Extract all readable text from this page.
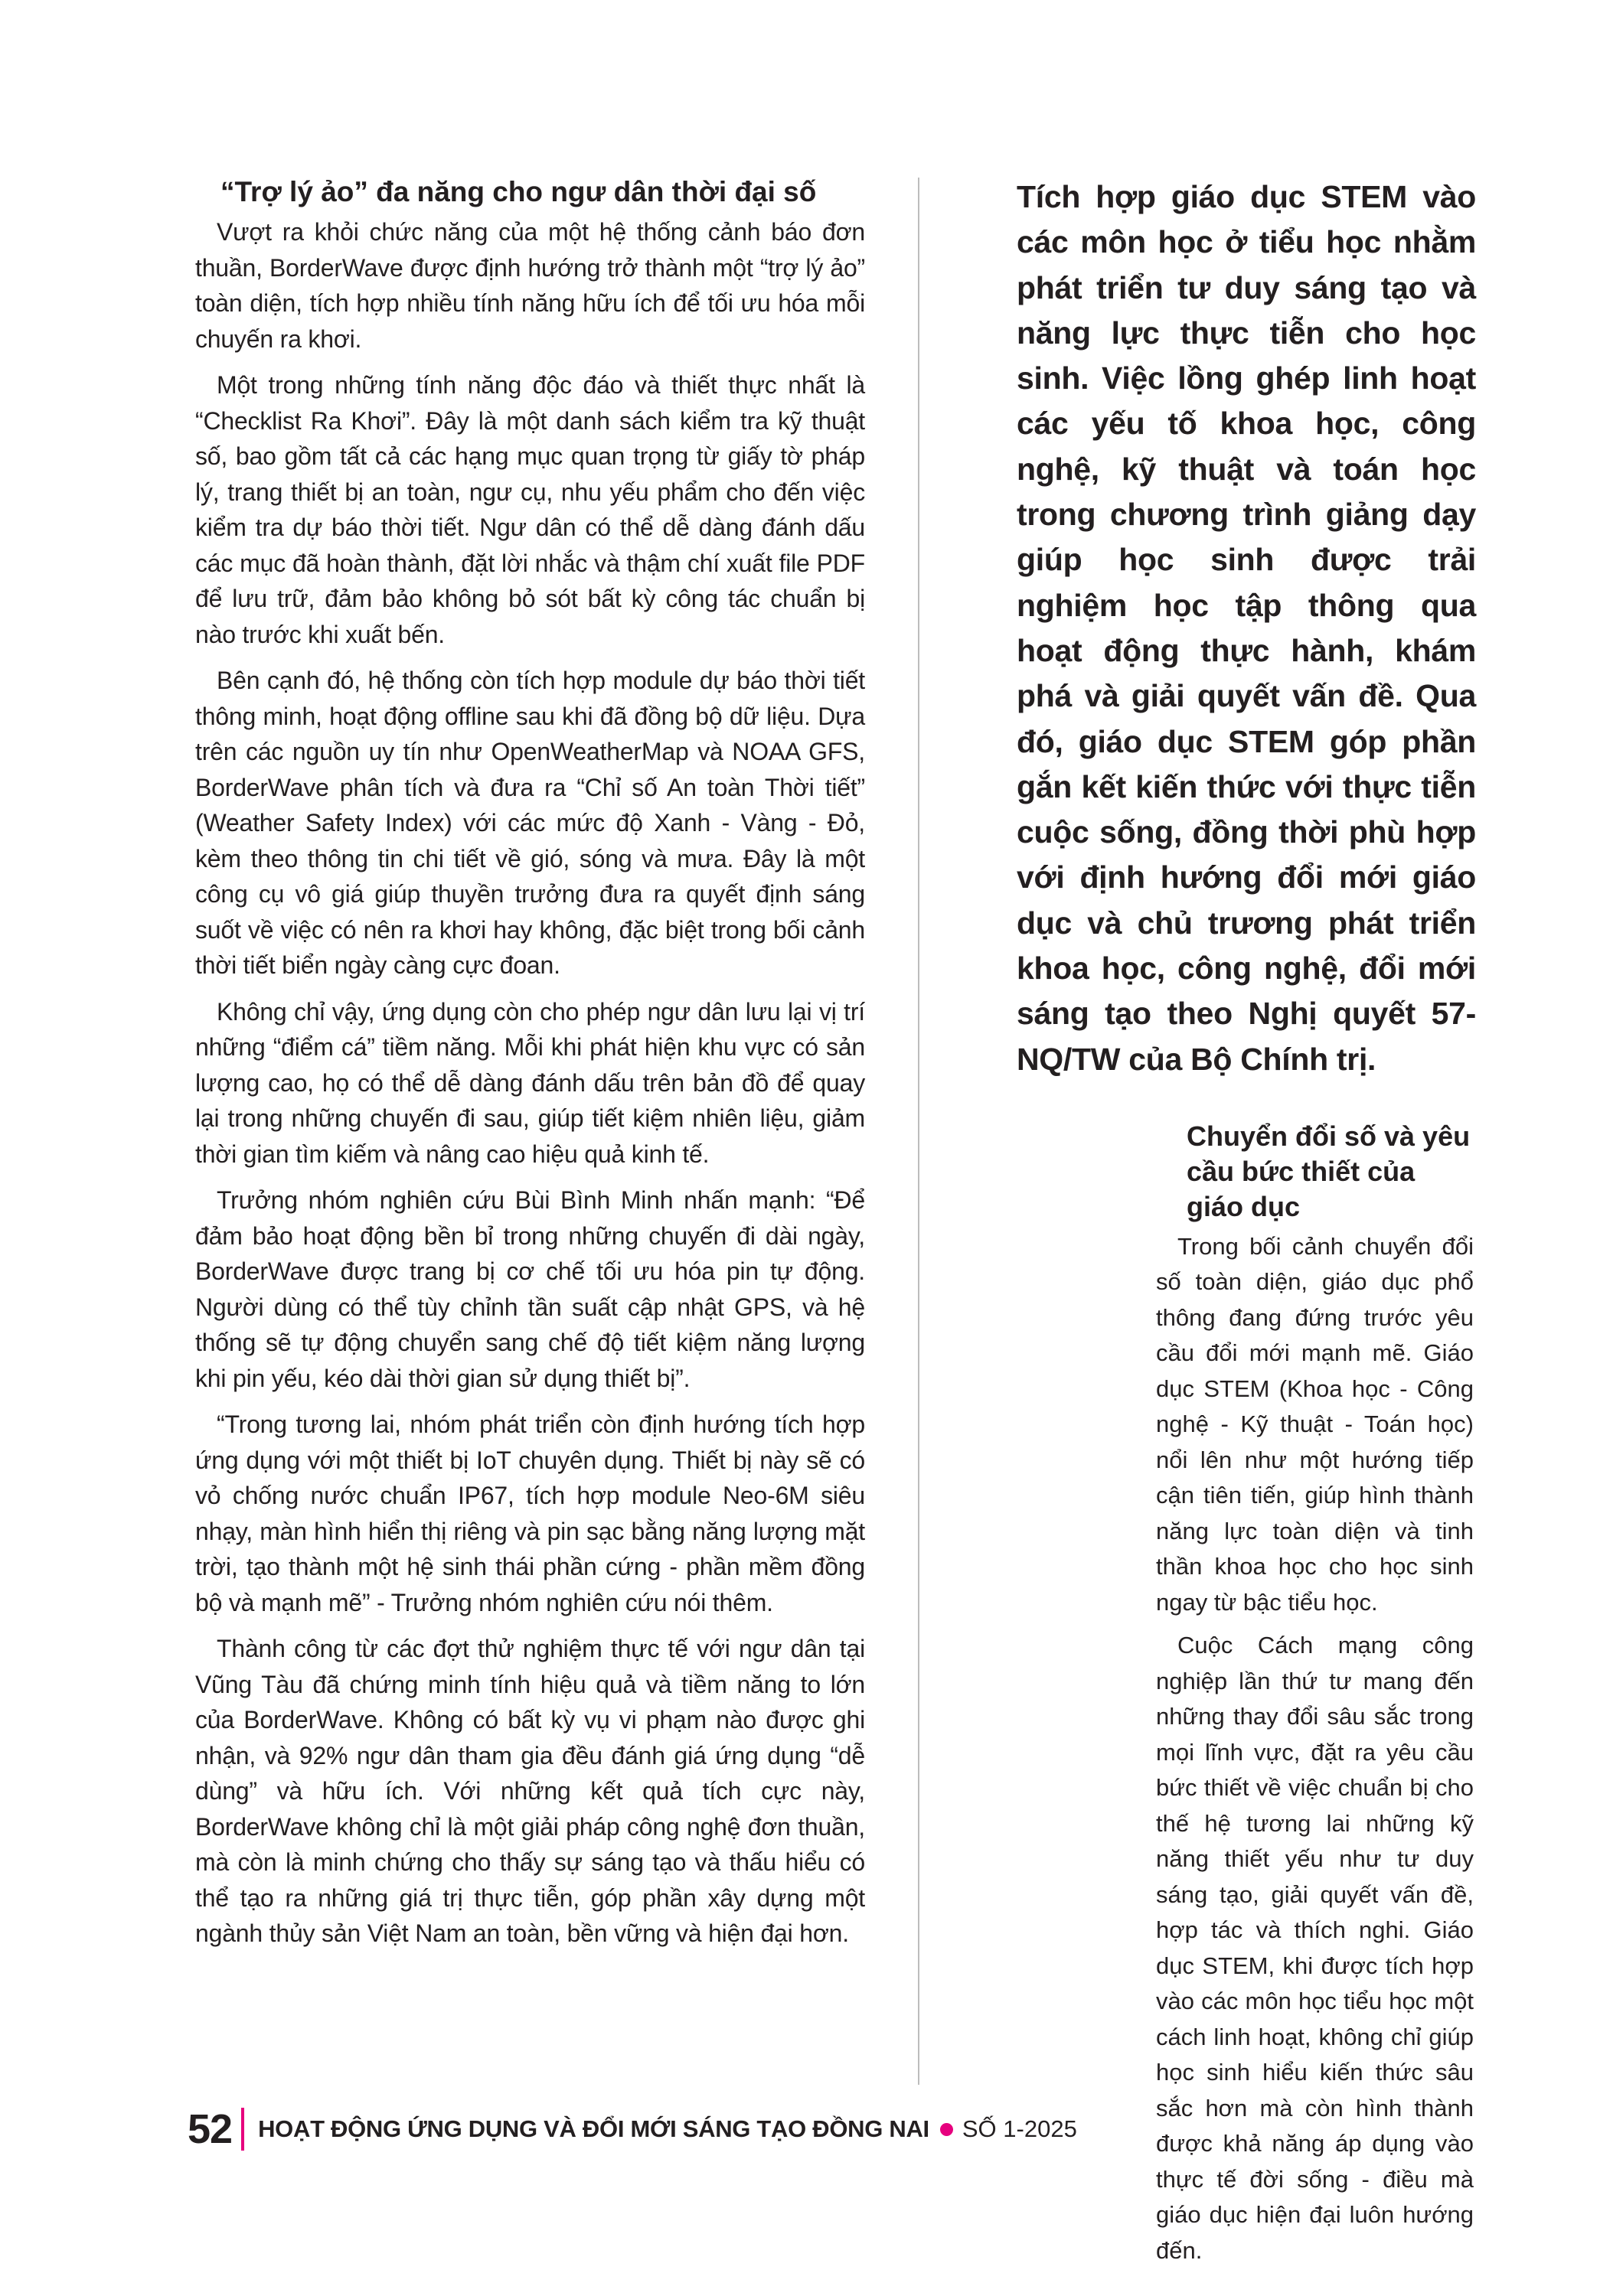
“Trợ lý ảo” đa năng cho ngư dân thời đại số

Vượt ra khỏi chức năng của một hệ thống cảnh báo đơn thuần, BorderWave được định hướng trở thành một “trợ lý ảo” toàn diện, tích hợp nhiều tính năng hữu ích để tối ưu hóa mỗi chuyến ra khơi.

Một trong những tính năng độc đáo và thiết thực nhất là “Checklist Ra Khơi”. Đây là một danh sách kiểm tra kỹ thuật số, bao gồm tất cả các hạng mục quan trọng từ giấy tờ pháp lý, trang thiết bị an toàn, ngư cụ, nhu yếu phẩm cho đến việc kiểm tra dự báo thời tiết. Ngư dân có thể dễ dàng đánh dấu các mục đã hoàn thành, đặt lời nhắc và thậm chí xuất file PDF để lưu trữ, đảm bảo không bỏ sót bất kỳ công tác chuẩn bị nào trước khi xuất bến.

Bên cạnh đó, hệ thống còn tích hợp module dự báo thời tiết thông minh, hoạt động offline sau khi đã đồng bộ dữ liệu. Dựa trên các nguồn uy tín như OpenWeatherMap và NOAA GFS, BorderWave phân tích và đưa ra “Chỉ số An toàn Thời tiết” (Weather Safety Index) với các mức độ Xanh - Vàng - Đỏ, kèm theo thông tin chi tiết về gió, sóng và mưa. Đây là một công cụ vô giá giúp thuyền trưởng đưa ra quyết định sáng suốt về việc có nên ra khơi hay không, đặc biệt trong bối cảnh thời tiết biển ngày càng cực đoan.

Không chỉ vậy, ứng dụng còn cho phép ngư dân lưu lại vị trí những “điểm cá” tiềm năng. Mỗi khi phát hiện khu vực có sản lượng cao, họ có thể dễ dàng đánh dấu trên bản đồ để quay lại trong những chuyến đi sau, giúp tiết kiệm nhiên liệu, giảm thời gian tìm kiếm và nâng cao hiệu quả kinh tế.

Trưởng nhóm nghiên cứu Bùi Bình Minh nhấn mạnh: “Để đảm bảo hoạt động bền bỉ trong những chuyến đi dài ngày, BorderWave được trang bị cơ chế tối ưu hóa pin tự động. Người dùng có thể tùy chỉnh tần suất cập nhật GPS, và hệ thống sẽ tự động chuyển sang chế độ tiết kiệm năng lượng khi pin yếu, kéo dài thời gian sử dụng thiết bị”.

“Trong tương lai, nhóm phát triển còn định hướng tích hợp ứng dụng với một thiết bị IoT chuyên dụng. Thiết bị này sẽ có vỏ chống nước chuẩn IP67, tích hợp module Neo-6M siêu nhạy, màn hình hiển thị riêng và pin sạc bằng năng lượng mặt trời, tạo thành một hệ sinh thái phần cứng - phần mềm đồng bộ và mạnh mẽ” - Trưởng nhóm nghiên cứu nói thêm.

Thành công từ các đợt thử nghiệm thực tế với ngư dân tại Vũng Tàu đã chứng minh tính hiệu quả và tiềm năng to lớn của BorderWave. Không có bất kỳ vụ vi phạm nào được ghi nhận, và 92% ngư dân tham gia đều đánh giá ứng dụng “dễ dùng” và hữu ích. Với những kết quả tích cực này, BorderWave không chỉ là một giải pháp công nghệ đơn thuần, mà còn là minh chứng cho thấy sự sáng tạo và thấu hiểu có thể tạo ra những giá trị thực tiễn, góp phần xây dựng một ngành thủy sản Việt Nam an toàn, bền vững và hiện đại hơn.

Tích hợp giáo dục STEM vào các môn học ở tiểu học nhằm phát triển tư duy sáng tạo và năng lực thực tiễn cho học sinh. Việc lồng ghép linh hoạt các yếu tố khoa học, công nghệ, kỹ thuật và toán học trong chương trình giảng dạy giúp học sinh được trải nghiệm học tập thông qua hoạt động thực hành, khám phá và giải quyết vấn đề. Qua đó, giáo dục STEM góp phần gắn kết kiến thức với thực tiễn cuộc sống, đồng thời phù hợp với định hướng đổi mới giáo dục và chủ trương phát triển khoa học, công nghệ, đổi mới sáng tạo theo Nghị quyết 57-NQ/TW của Bộ Chính trị.

Chuyển đổi số và yêu cầu bức thiết của giáo dục

Trong bối cảnh chuyển đổi số toàn diện, giáo dục phổ thông đang đứng trước yêu cầu đổi mới mạnh mẽ. Giáo dục STEM (Khoa học - Công nghệ - Kỹ thuật - Toán học) nổi lên như một hướng tiếp cận tiên tiến, giúp hình thành năng lực toàn diện và tinh thần khoa học cho học sinh ngay từ bậc tiểu học.

Cuộc Cách mạng công nghiệp lần thứ tư mang đến những thay đổi sâu sắc trong mọi lĩnh vực, đặt ra yêu cầu bức thiết về việc chuẩn bị cho thế hệ tương lai những kỹ năng thiết yếu như tư duy sáng tạo, giải quyết vấn đề, hợp tác và thích nghi. Giáo dục STEM, khi được tích hợp vào các môn học tiểu học một cách linh hoạt, không chỉ giúp học sinh hiểu kiến thức sâu sắc hơn mà còn hình thành được khả năng áp dụng vào thực tế đời sống - điều mà giáo dục hiện đại luôn hướng đến.

52 HOẠT ĐỘNG ỨNG DỤNG VÀ ĐỔI MỚI SÁNG TẠO ĐỒNG NAI SỐ 1-2025
